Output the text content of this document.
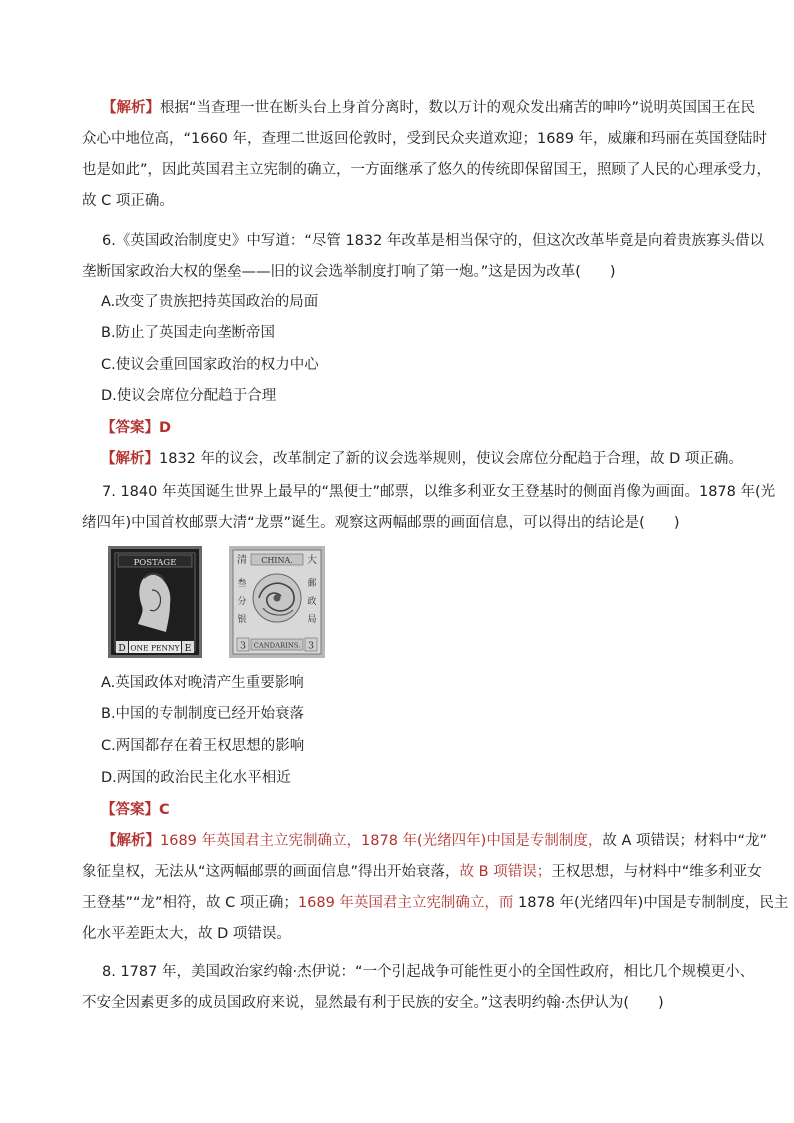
【解析】根据“当查理一世在断头台上身首分离时，数以万计的观众发出痛苦的呻吟”说明英国国王在民
众心中地位高，“1660 年，查理二世返回伦敦时，受到民众夹道欢迎；1689 年，威廉和玛丽在英国登陆时
也是如此”，因此英国君主立宪制的确立，一方面继承了悠久的传统即保留国王，照顾了人民的心理承受力，
故 C 项正确。
6.《英国政治制度史》中写道：“尽管 1832 年改革是相当保守的，但这次改革毕竟是向着贵族寡头借以
垄断国家政治大权的堡垒——旧的议会选举制度打响了第一炮。”这是因为改革(　　)
A.改变了贵族把持英国政治的局面
B.防止了英国走向垄断帝国
C.使议会重回国家政治的权力中心
D.使议会席位分配趋于合理
【答案】D
【解析】1832 年的议会，改革制定了新的议会选举规则，使议会席位分配趋于合理，故 D 项正确。
7. 1840 年英国诞生世界上最早的“黑便士”邮票，以维多利亚女王登基时的侧面肖像为画面。1878 年(光
绪四年)中国首枚邮票大清“龙票”诞生。观察这两幅邮票的画面信息，可以得出的结论是(　　)
POSTAGE
D	E
ONE PENNY
CHINA.
清
叁
分
银
大
郵
政
局
3	3
CANDARINS.
A.英国政体对晚清产生重要影响
B.中国的专制制度已经开始衰落
C.两国都存在着王权思想的影响
D.两国的政治民主化水平相近
【答案】C
【解析】1689 年英国君主立宪制确立，1878 年(光绪四年)中国是专制制度，故 A 项错误；材料中“龙”
象征皇权，无法从“这两幅邮票的画面信息”得出开始衰落，故 B 项错误；王权思想，与材料中“维多利亚女
王登基”“龙”相符，故 C 项正确；1689 年英国君主立宪制确立，而 1878 年(光绪四年)中国是专制制度，民主
化水平差距太大，故 D 项错误。
8. 1787 年，美国政治家约翰·杰伊说：“一个引起战争可能性更小的全国性政府，相比几个规模更小、
不安全因素更多的成员国政府来说，显然最有利于民族的安全。”这表明约翰·杰伊认为(　　)
